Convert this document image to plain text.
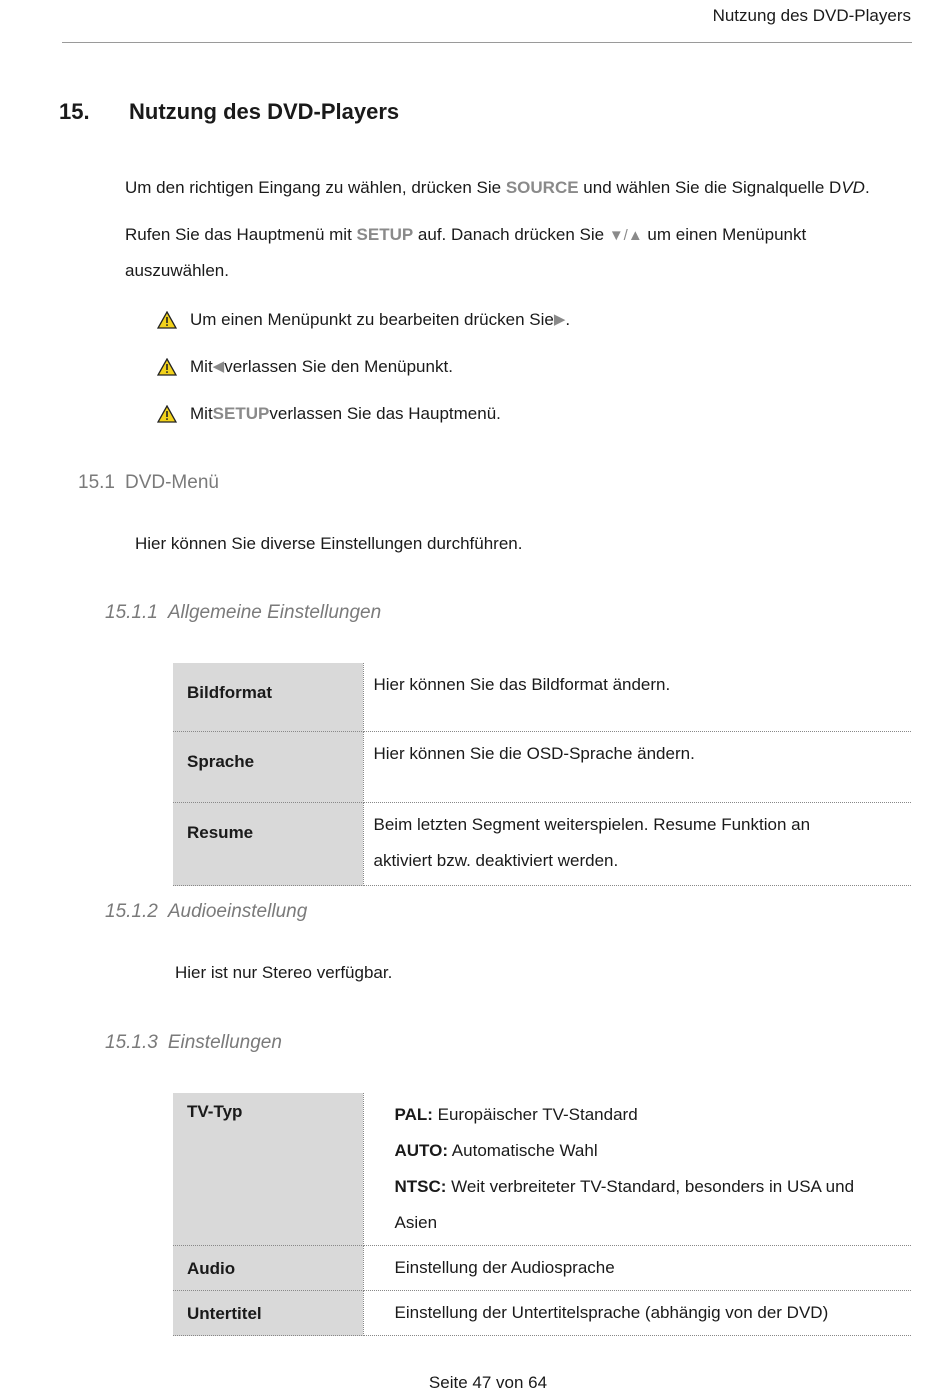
Nutzung des DVD-Players
15. Nutzung des DVD-Players
Um den richtigen Eingang zu wählen, drücken Sie SOURCE und wählen Sie die Signalquelle DVD.
Rufen Sie das Hauptmenü mit SETUP auf. Danach drücken Sie ▼/▲ um einen Menüpunkt
auszuwählen.
Um einen Menüpunkt zu bearbeiten drücken Sie ▶ .
Mit ◀ verlassen Sie den Menüpunkt.
Mit SETUP verlassen Sie das Hauptmenü.
15.1 DVD-Menü
Hier können Sie diverse Einstellungen durchführen.
15.1.1 Allgemeine Einstellungen
Bildformat	Hier können Sie das Bildformat ändern.
Sprache	Hier können Sie die OSD-Sprache ändern.
Resume	Beim letzten Segment weiterspielen. Resume Funktion an aktiviert bzw. deaktiviert werden.
15.1.2 Audioeinstellung
Hier ist nur Stereo verfügbar.
15.1.3 Einstellungen
TV-Typ	PAL: Europäischer TV-Standard
AUTO: Automatische Wahl
NTSC: Weit verbreiteter TV-Standard, besonders in USA und Asien

Audio	Einstellung der Audiosprache
Untertitel	Einstellung der Untertitelsprache (abhängig von der DVD)
Seite 47 von 64
